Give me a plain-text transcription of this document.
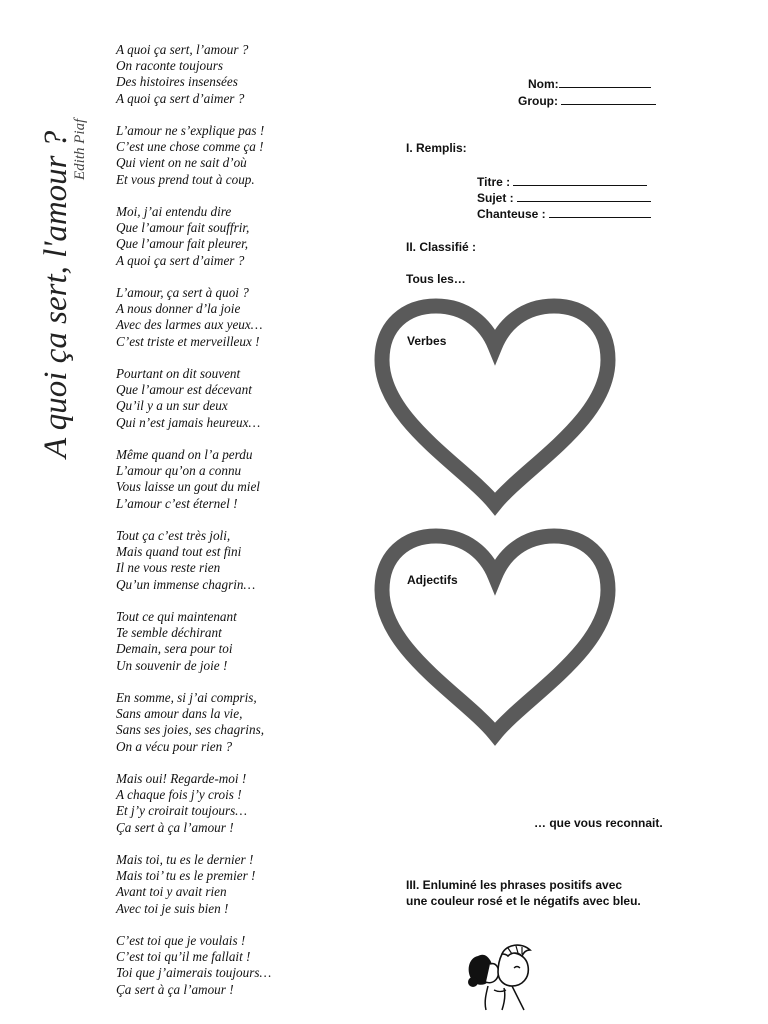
A quoi ça sert, l'amour ?
Edith Piaf
A quoi ça sert, l’amour ?
On raconte toujours
Des histoires insensées
A quoi ça sert d’aimer ?
L’amour ne s’explique pas !
C’est une chose comme ça !
Qui vient on ne sait d’où
Et vous prend tout à coup.
Moi, j’ai entendu dire
Que l’amour fait souffrir,
Que l’amour fait pleurer,
A quoi ça sert d’aimer ?
L’amour, ça sert à quoi ?
A nous donner d’la joie
Avec des larmes aux yeux…
C’est triste et merveilleux !
Pourtant on dit souvent
Que l’amour est décevant
Qu’il y a un sur deux
Qui n’est jamais heureux…
Même quand on l’a perdu
L’amour qu’on a connu
Vous laisse un gout du miel
L’amour c’est éternel !
Tout ça c’est très joli,
Mais quand tout est fini
Il ne vous reste rien
Qu’un immense chagrin…
Tout ce qui maintenant
Te semble déchirant
Demain, sera pour toi
Un souvenir de joie !
En somme, si j’ai compris,
Sans amour dans la vie,
Sans ses joies, ses chagrins,
On a vécu pour rien ?
Mais oui! Regarde-moi !
A chaque fois j’y crois !
Et j’y croirait toujours…
Ça sert à ça l’amour !
Mais toi, tu es le dernier !
Mais toi’ tu es le premier !
Avant toi y avait rien
Avec toi je suis bien !
C’est toi que je voulais !
C’est toi qu’il me fallait !
Toi que j’aimerais toujours…
Ça sert à ça l’amour !
Nom:
Group:
I. Remplis:
Titre :
Sujet :
Chanteuse :
II. Classifié :
Tous les…
Verbes
Adjectifs
… que vous reconnait.
III. Enluminé les phrases positifs avec une couleur rosé et le négatifs avec bleu.
